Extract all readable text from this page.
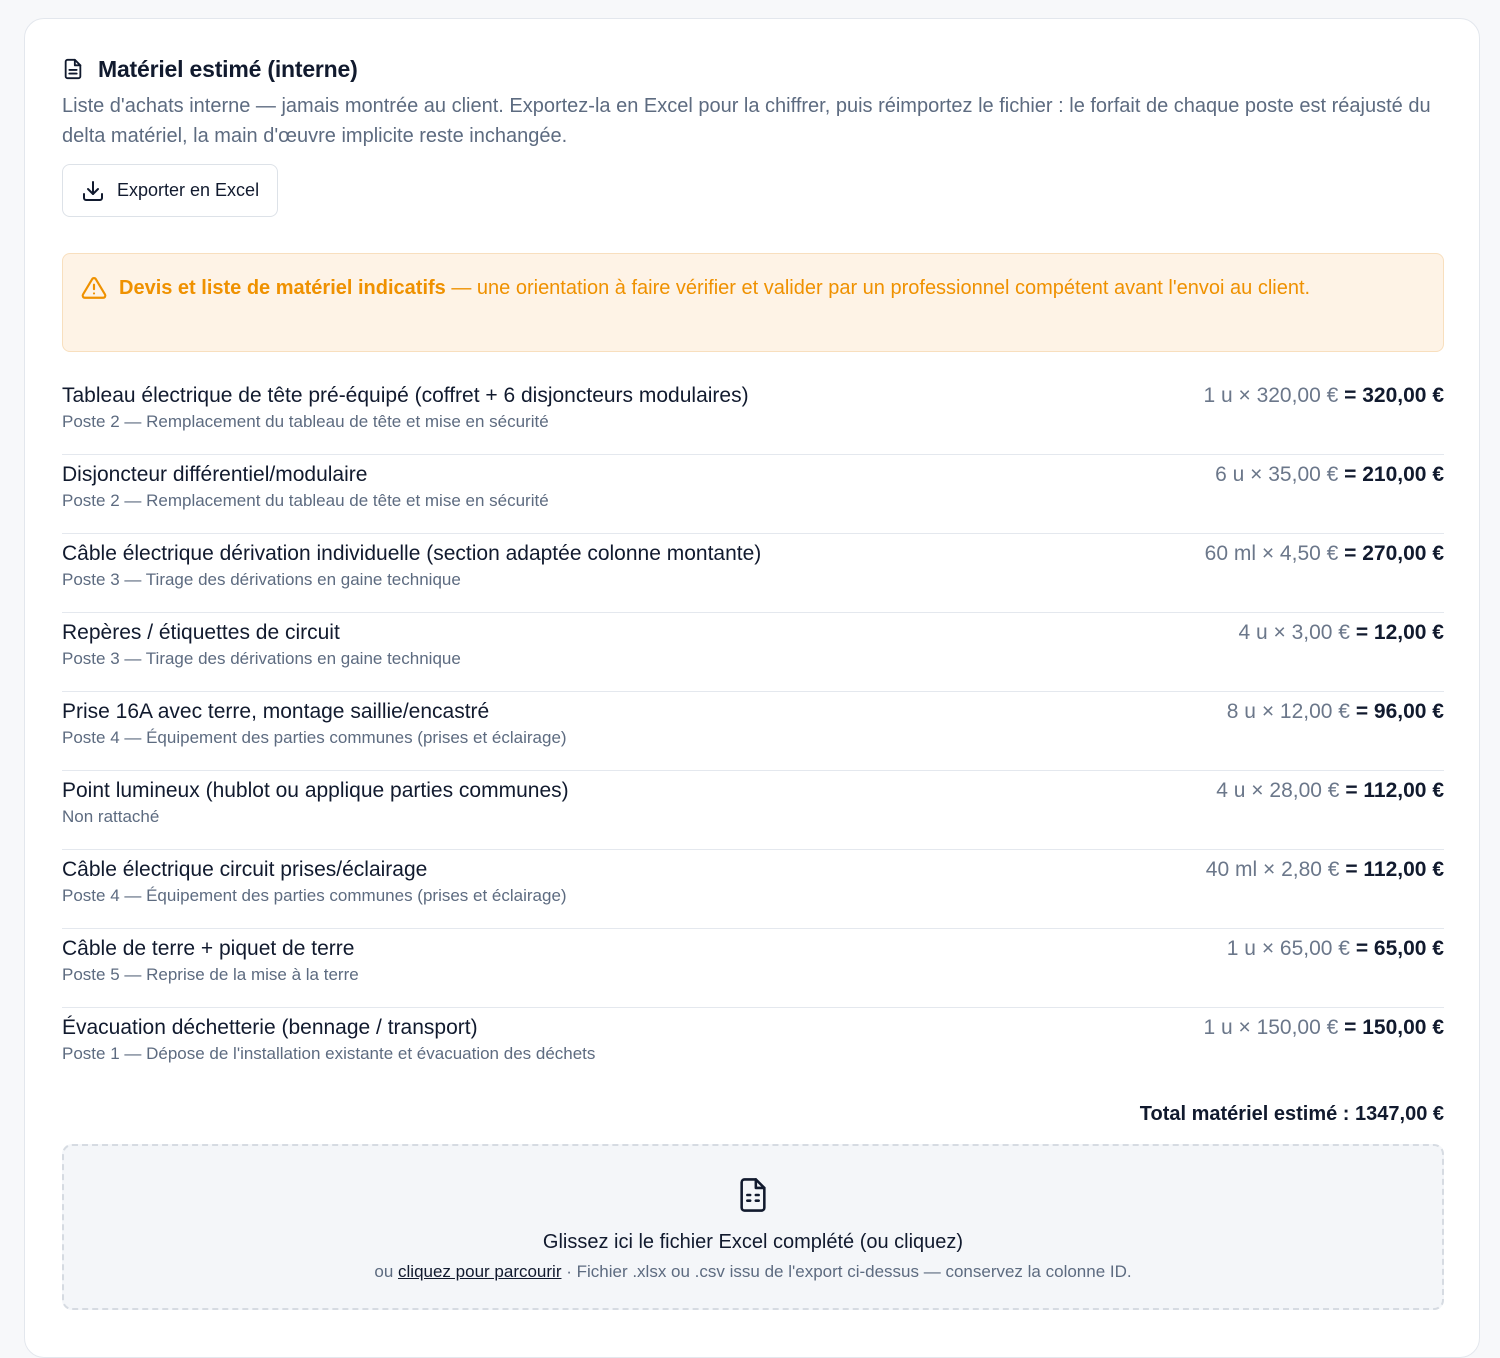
Matériel estimé (interne)

Liste d'achats interne — jamais montrée au client. Exportez-la en Excel pour la chiffrer, puis réimportez le fichier : le forfait de chaque poste est réajusté du delta matériel, la main d'œuvre implicite reste inchangée.

Exporter en Excel
Devis et liste de matériel indicatifs — une orientation à faire vérifier et valider par un professionnel compétent avant l'envoi au client.
Tableau électrique de tête pré-équipé (coffret + 6 disjoncteurs modulaires)
Poste 2 — Remplacement du tableau de tête et mise en sécurité
1 u × 320,00 € = 320,00 €
Disjoncteur différentiel/modulaire
Poste 2 — Remplacement du tableau de tête et mise en sécurité
6 u × 35,00 € = 210,00 €
Câble électrique dérivation individuelle (section adaptée colonne montante)
Poste 3 — Tirage des dérivations en gaine technique
60 ml × 4,50 € = 270,00 €
Repères / étiquettes de circuit
Poste 3 — Tirage des dérivations en gaine technique
4 u × 3,00 € = 12,00 €
Prise 16A avec terre, montage saillie/encastré
Poste 4 — Équipement des parties communes (prises et éclairage)
8 u × 12,00 € = 96,00 €
Point lumineux (hublot ou applique parties communes)
Non rattaché
4 u × 28,00 € = 112,00 €
Câble électrique circuit prises/éclairage
Poste 4 — Équipement des parties communes (prises et éclairage)
40 ml × 2,80 € = 112,00 €
Câble de terre + piquet de terre
Poste 5 — Reprise de la mise à la terre
1 u × 65,00 € = 65,00 €
Évacuation déchetterie (bennage / transport)
Poste 1 — Dépose de l'installation existante et évacuation des déchets
1 u × 150,00 € = 150,00 €
Total matériel estimé : 1347,00 €
Glissez ici le fichier Excel complété (ou cliquez)
ou cliquez pour parcourir · Fichier .xlsx ou .csv issu de l'export ci-dessus — conservez la colonne ID.
